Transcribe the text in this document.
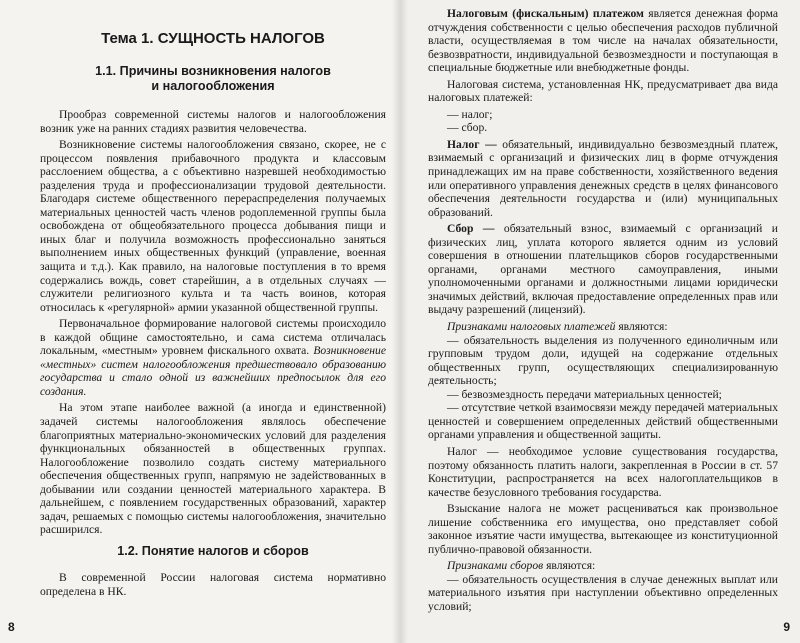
Тема 1. СУЩНОСТЬ НАЛОГОВ
1.1. Причины возникновения налогов
и налогообложения

Прообраз современной системы налогов и налогообложения возник уже на ранних стадиях развития человечества.

Возникновение системы налогообложения связано, скорее, не с процессом появления прибавочного продукта и классовым расслоением общества, а с объективно назревшей необходимостью разделения труда и профессионализации трудовой деятельности. Благодаря системе общественного перераспределения получаемых материальных ценностей часть членов родоплеменной группы была освобождена от общеобязательного процесса добывания пищи и иных благ и получила возможность профессионально заняться выполнением иных общественных функций (управление, военная защита и т.д.). Как правило, на налоговые поступления в то время содержались вождь, совет старейшин, а в отдельных случаях — служители религиозного культа и та часть воинов, которая относилась к «регулярной» армии указанной общественной группы.

Первоначальное формирование налоговой системы происходило в каждой общине самостоятельно, и сама система отличалась локальным, «местным» уровнем фискального охвата. Возникновение «местных» систем налогообложения предшествовало образованию государства и стало одной из важнейших предпосылок для его создания.

На этом этапе наиболее важной (а иногда и единственной) задачей системы налогообложения являлось обеспечение благоприятных материально-экономических условий для разделения функциональных обязанностей в общественных группах. Налогообложение позволило создать систему материального обеспечения общественных групп, напрямую не задействованных в добывании или создании ценностей материального характера. В дальнейшем, с появлением государственных образований, характер задач, решаемых с помощью системы налогообложения, значительно расширился.

1.2. Понятие налогов и сборов

В современной России налоговая система нормативно определена в НК.

8

Налоговым (фискальным) платежом является денежная форма отчуждения собственности с целью обеспечения расходов публичной власти, осуществляемая в том числе на началах обязательности, безвозвратности, индивидуальной безвозмездности и поступающая в специальные бюджетные или внебюджетные фонды.

Налоговая система, установленная НК, предусматривает два вида налоговых платежей:

— налог;

— сбор.

Налог — обязательный, индивидуально безвозмездный платеж, взимаемый с организаций и физических лиц в форме отчуждения принадлежащих им на праве собственности, хозяйственного ведения или оперативного управления денежных средств в целях финансового обеспечения деятельности государства и (или) муниципальных образований.

Сбор — обязательный взнос, взимаемый с организаций и физических лиц, уплата которого является одним из условий совершения в отношении плательщиков сборов государственными органами, органами местного самоуправления, иными уполномоченными органами и должностными лицами юридически значимых действий, включая предоставление определенных прав или выдачу разрешений (лицензий).

Признаками налоговых платежей являются:

— обязательность выделения из полученного единоличным или групповым трудом доли, идущей на содержание отдельных общественных групп, осуществляющих специализированную деятельность;

— безвозмездность передачи материальных ценностей;

— отсутствие четкой взаимосвязи между передачей материальных ценностей и совершением определенных действий общественными органами управления и общественной защиты.

Налог — необходимое условие существования государства, поэтому обязанность платить налоги, закрепленная в России в ст. 57 Конституции, распространяется на всех налогоплательщиков в качестве безусловного требования государства.

Взыскание налога не может расцениваться как произвольное лишение собственника его имущества, оно представляет собой законное изъятие части имущества, вытекающее из конституционной публично-правовой обязанности.

Признаками сборов являются:

— обязательность осуществления в случае денежных выплат или материального изъятия при наступлении объективно определенных условий;

9
